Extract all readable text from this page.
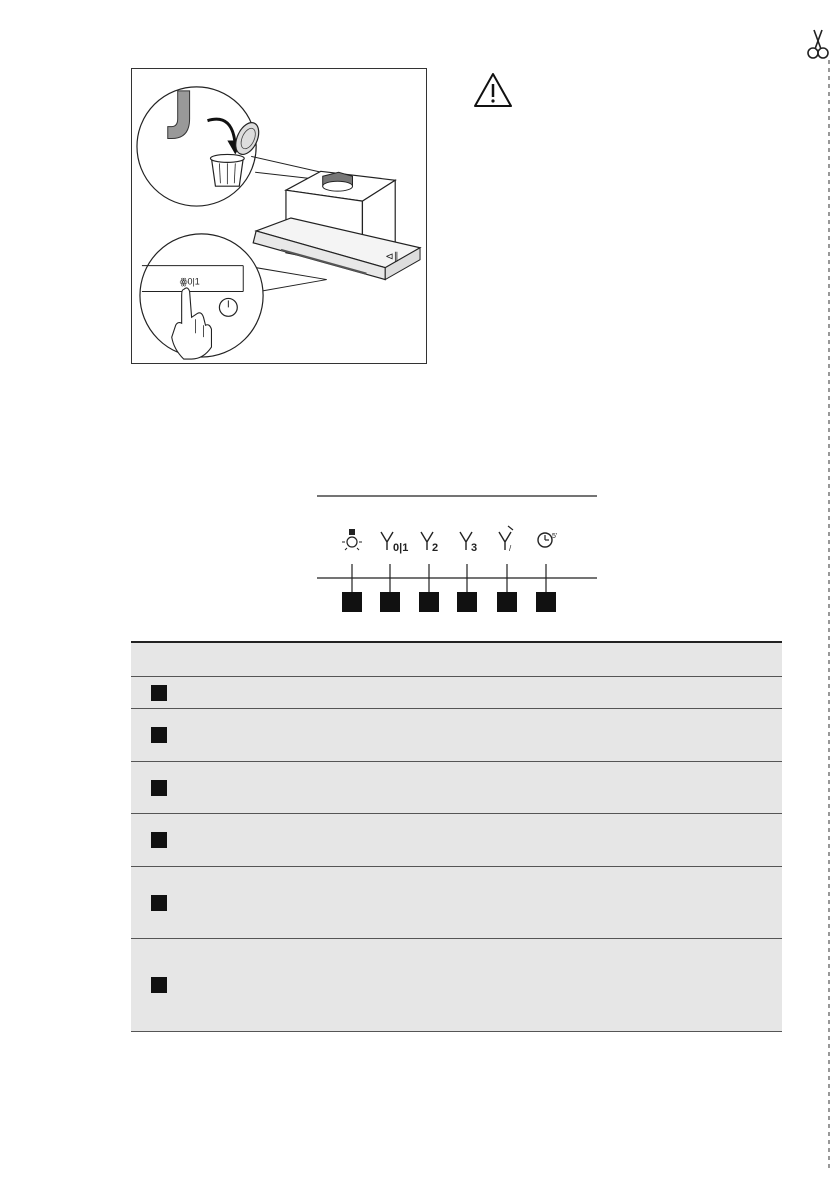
⊲∥
ꙮ0|1
0|1 2	3	/
5'
